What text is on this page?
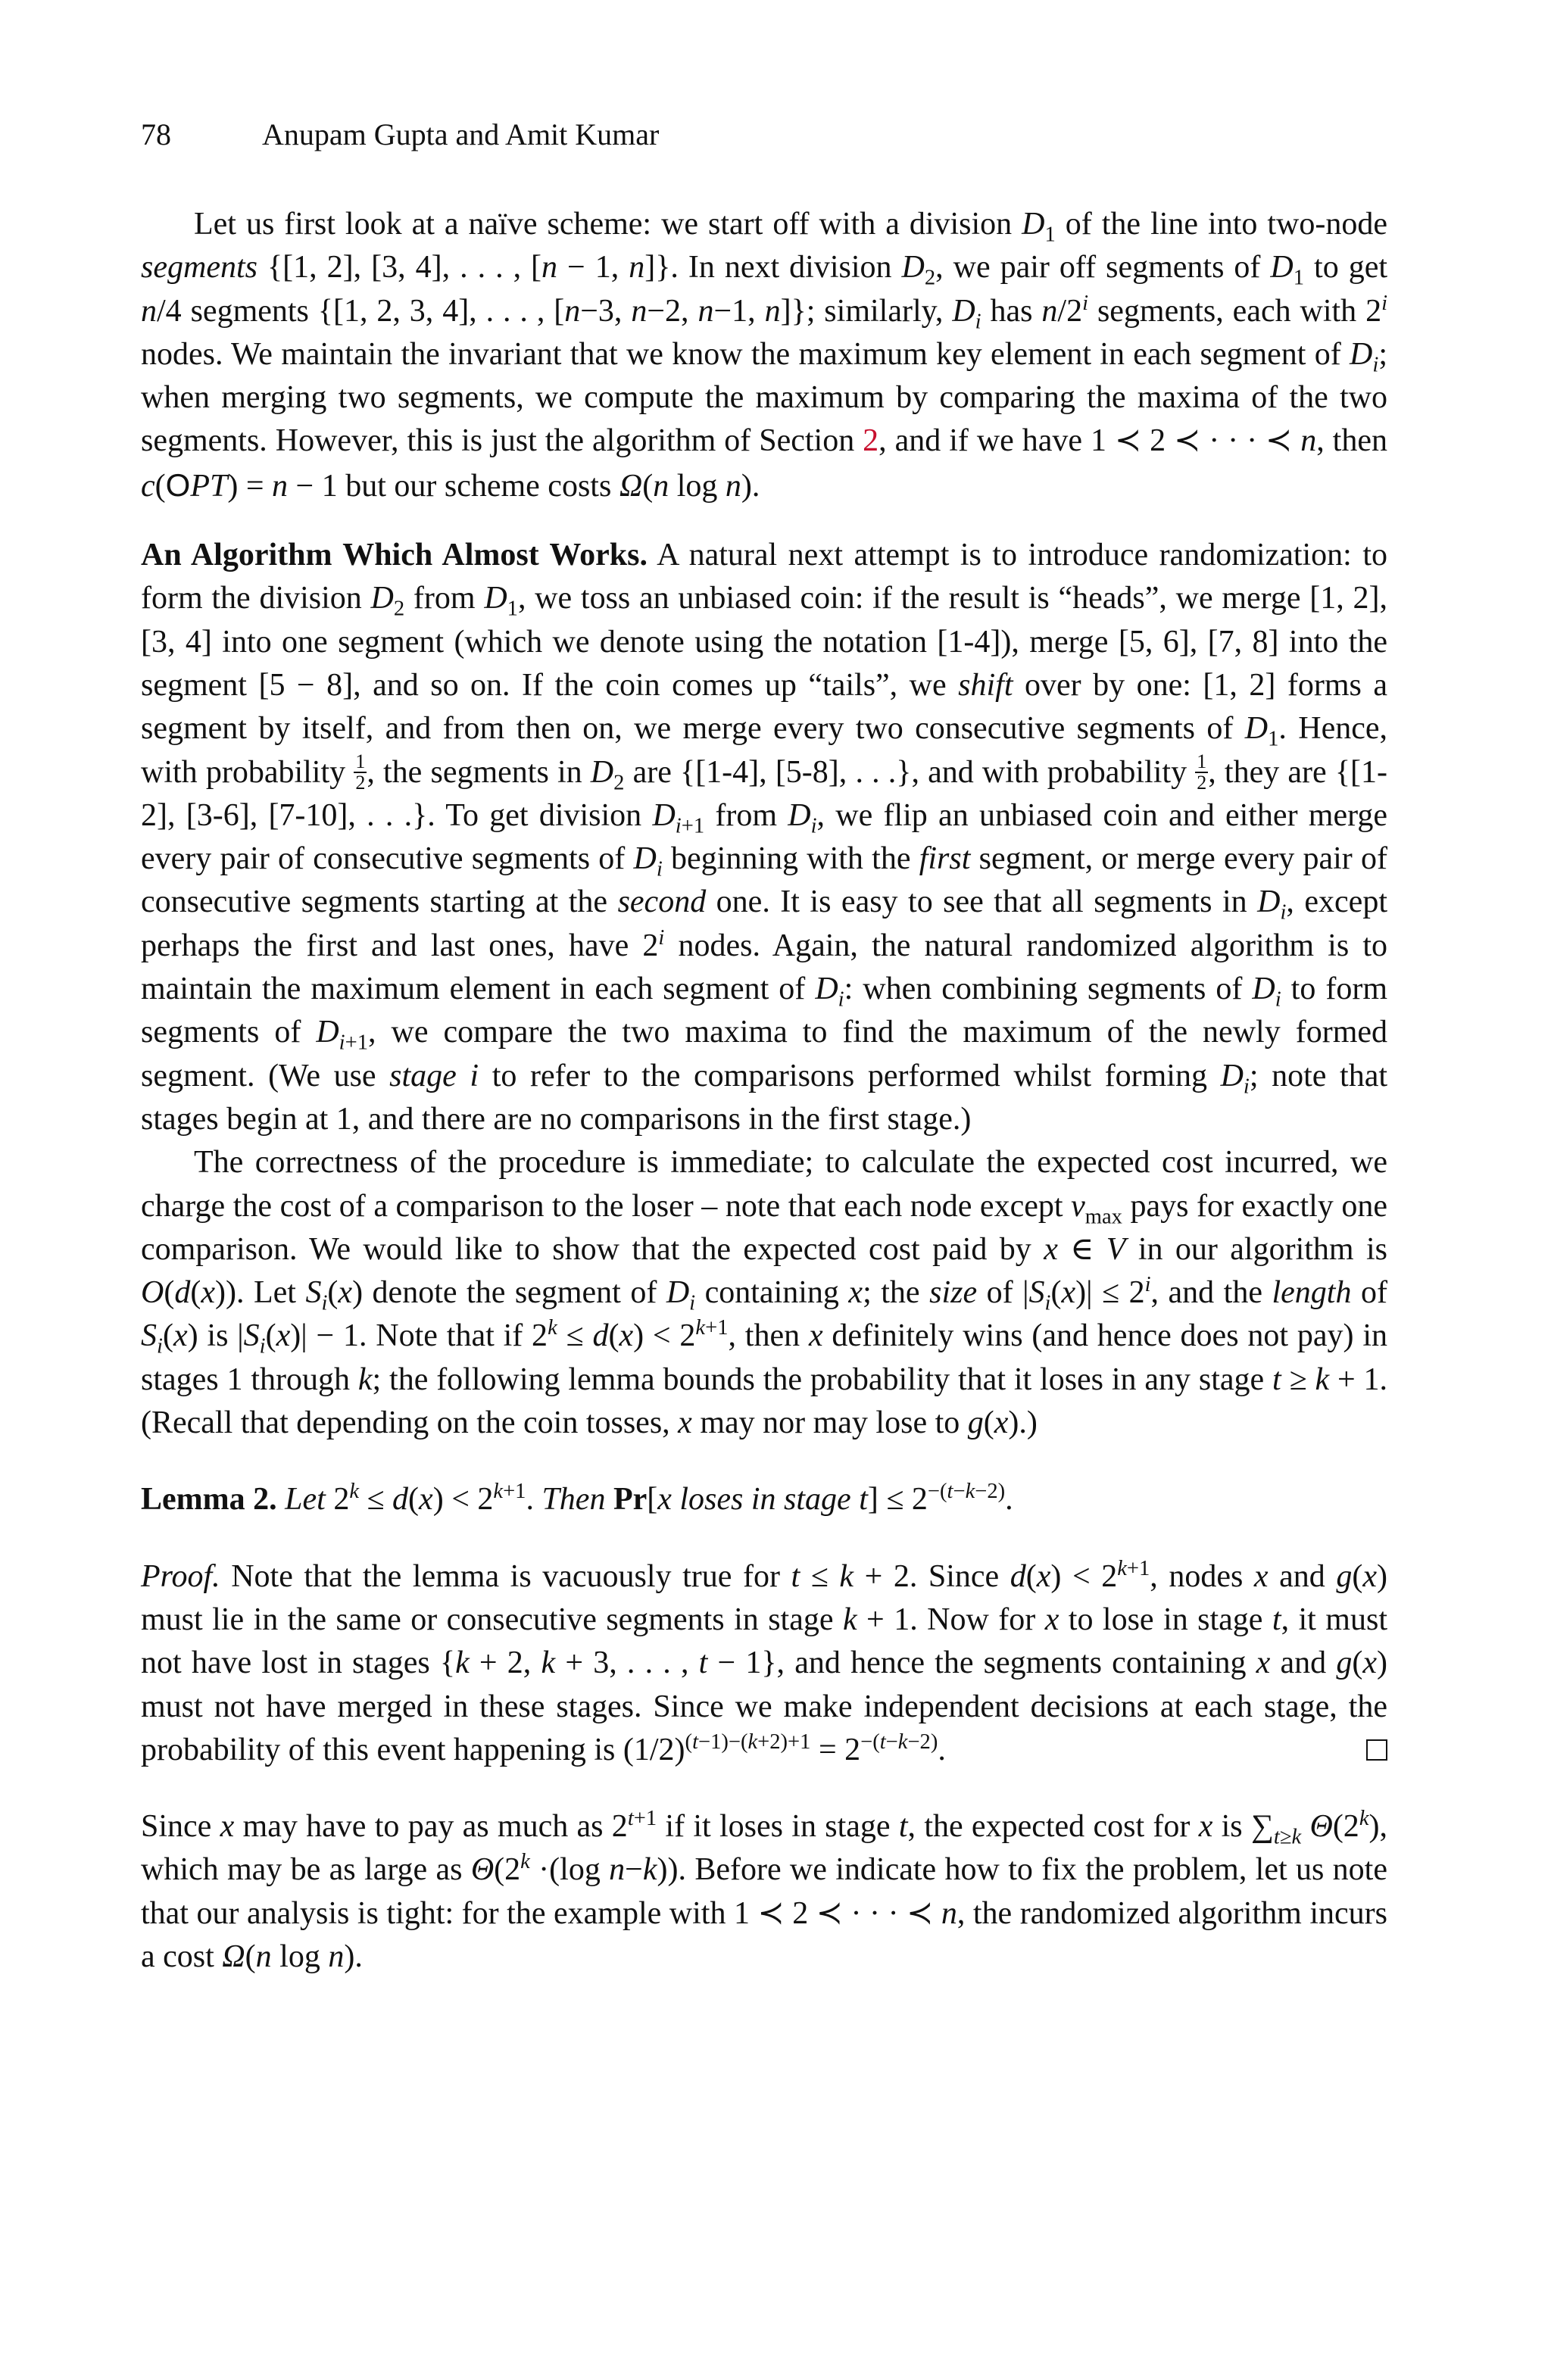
78	Anupam Gupta and Amit Kumar

Let us first look at a naïve scheme: we start off with a division $D_1$ of the line into two-node segments {[1, 2], [3, 4], . . . , [n − 1, n]}. In next division $D_2$, we pair off segments of $D_1$ to get n/4 segments {[1, 2, 3, 4], . . . , [n−3, n−2, n−1, n]}; similarly, $D_i$ has n/2$^i$ segments, each with 2$^i$ nodes. We maintain the invariant that we know the maximum key element in each segment of $D_i$; when merging two segments, we compute the maximum by comparing the maxima of the two segments. However, this is just the algorithm of Section 2, and if we have 1 ≺ 2 ≺ · · · ≺ n, then c(OPT) = n − 1 but our scheme costs Ω(n log n).

An Algorithm Which Almost Works. A natural next attempt is to introduce randomization: to form the division $D_2$ from $D_1$, we toss an unbiased coin: if the result is “heads”, we merge [1, 2], [3, 4] into one segment (which we denote using the notation [1-4]), merge [5, 6], [7, 8] into the segment [5 − 8], and so on. If the coin comes up “tails”, we shift over by one: [1, 2] forms a segment by itself, and from then on, we merge every two consecutive segments of $D_1$. Hence, with probability $\frac{1}{2}$ , the segments in $D_2$ are {[1-4], [5-8], . . .}, and with probability $\frac{1}{2}$ , they are {[1-2], [3-6], [7-10], . . .}. To get division $D_{i+1}$ from $D_i$, we flip an unbiased coin and either merge every pair of consecutive segments of $D_i$ beginning with the first segment, or merge every pair of consecutive segments starting at the second one. It is easy to see that all segments in $D_i$, except perhaps the first and last ones, have 2$^i$ nodes. Again, the natural randomized algorithm is to maintain the maximum element in each segment of $D_i$: when combining segments of $D_i$ to form segments of $D_{i+1}$, we compare the two maxima to find the maximum of the newly formed segment. (We use stage i to refer to the comparisons performed whilst forming $D_i$; note that stages begin at 1, and there are no comparisons in the first stage.)

The correctness of the procedure is immediate; to calculate the expected cost incurred, we charge the cost of a comparison to the loser – note that each node except $v_{max}$ pays for exactly one comparison. We would like to show that the expected cost paid by x ∈ V in our algorithm is O(d(x)). Let $S_i(x)$ denote the segment of $D_i$ containing x; the size of $|S_i(x)| \le 2^i$, and the length of $S_i(x)$ is $|S_i(x)| - 1$. Note that if $2^k \le d(x) < 2^{k+1}$, then x definitely wins (and hence does not pay) in stages 1 through k; the following lemma bounds the probability that it loses in any stage t ≥ k + 1. (Recall that depending on the coin tosses, x may nor may lose to g(x).)

Lemma 2. Let $2^k \le d(x) < 2^{k+1}$. Then Pr[x loses in stage $t] \le 2^{-(t-k-2)}$.

Proof. Note that the lemma is vacuously true for t ≤ k + 2. Since $d(x) < 2^{k+1}$, nodes x and g(x) must lie in the same or consecutive segments in stage k + 1. Now for x to lose in stage t, it must not have lost in stages {k + 2, k + 3, . . . , t − 1}, and hence the segments containing x and g(x) must not have merged in these stages. Since we make independent decisions at each stage, the probability of this event happening is $(1/2)^{(t-1)-(k+2)+1} = 2^{-(t-k-2)}$.

Since x may have to pay as much as $2^{t+1}$ if it loses in stage t, the expected cost for x is $\sum_{t\ge k}$ Θ(2$^k$), which may be as large as $\Theta(2^k \cdot(\log$ n−k)). Before we indicate how to fix the problem, let us note that our analysis is tight: for the example with 1 ≺ 2 ≺ · · · ≺ n, the randomized algorithm incurs a cost Ω(n log n).
